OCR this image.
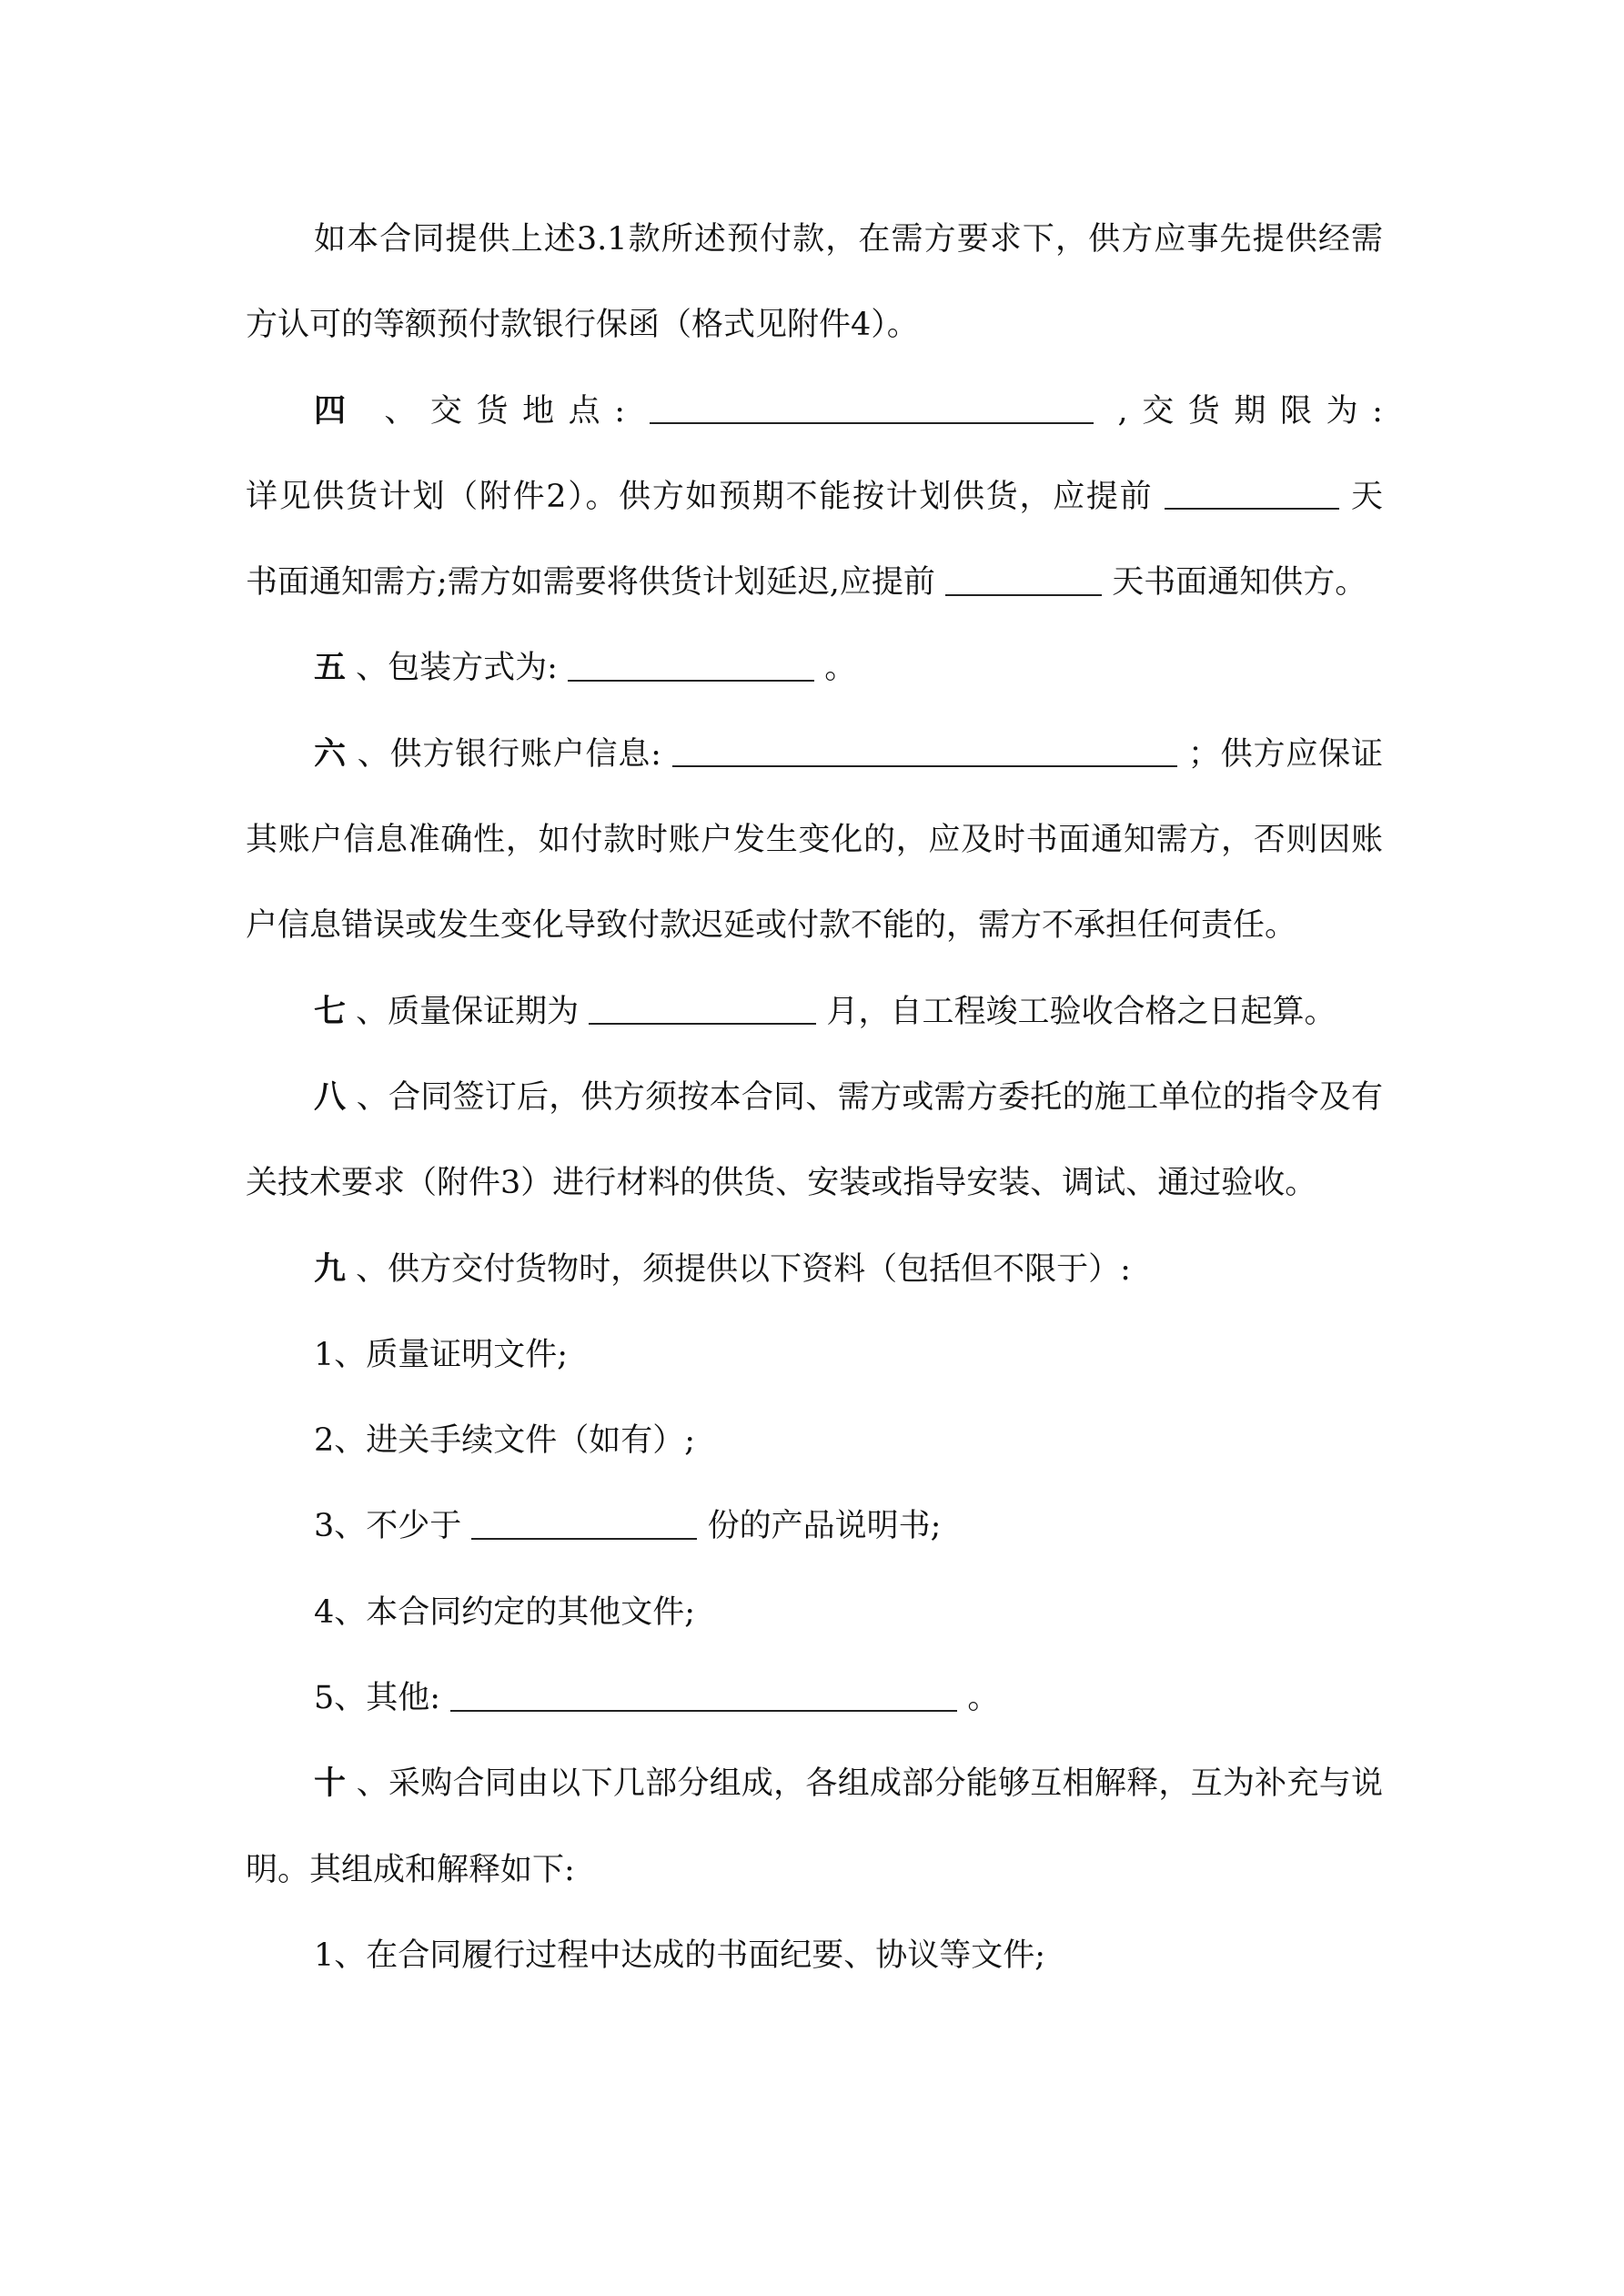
如本合同提供上述3.1款所述预付款，在需方要求下，供方应事先提供经需
方认可的等额预付款银行保函（格式见附件4）。
四 、交货地点:	,交货期限为:
详见供货计划（附件2）。供方如预期不能按计划供货，应提前	天
书面通知需方;需方如需要将供货计划延迟,应提前	天书面通知供方。
五 、包装方式为:	。
六 、供方银行账户信息:	；供方应保证
其账户信息准确性，如付款时账户发生变化的，应及时书面通知需方，否则因账
户信息错误或发生变化导致付款迟延或付款不能的，需方不承担任何责任。
七 、质量保证期为	月，自工程竣工验收合格之日起算。
八 、合同签订后，供方须按本合同、需方或需方委托的施工单位的指令及有
关技术要求（附件3）进行材料的供货、安装或指导安装、调试、通过验收。
九 、供方交付货物时，须提供以下资料（包括但不限于）:
1、质量证明文件;
2、进关手续文件（如有）;
3、不少于	份的产品说明书;
4、本合同约定的其他文件;
5、其他:	。
十 、采购合同由以下几部分组成，各组成部分能够互相解释，互为补充与说
明。其组成和解释如下:
1、在合同履行过程中达成的书面纪要、协议等文件;
